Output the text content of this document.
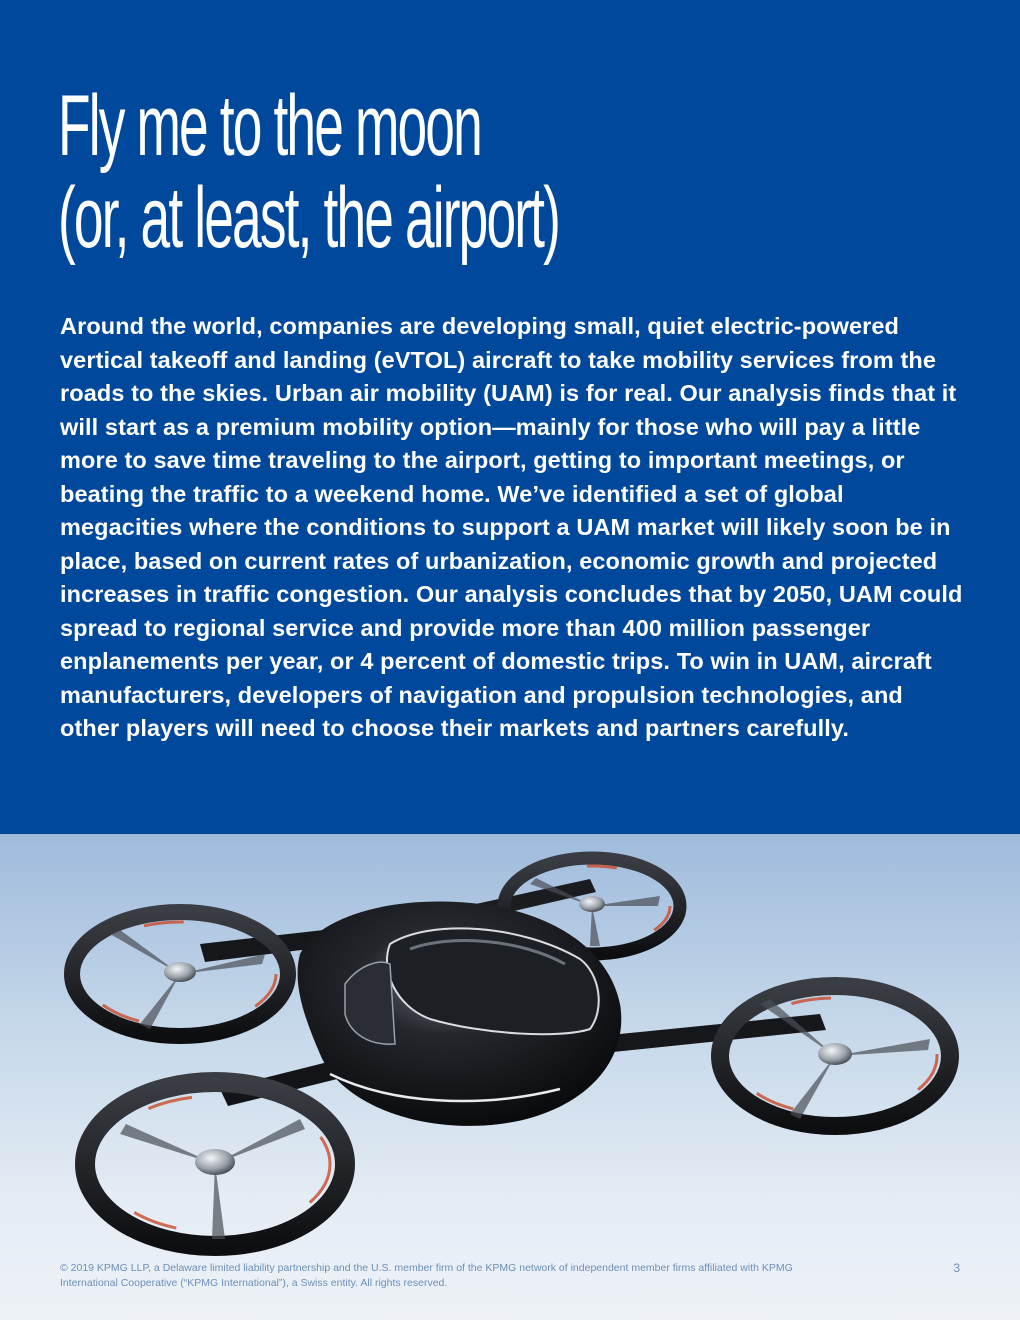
Fly me to the moon
(or, at least, the airport)

Around the world, companies are developing small, quiet electric-powered vertical takeoff and landing (eVTOL) aircraft to take mobility services from the roads to the skies. Urban air mobility (UAM) is for real. Our analysis finds that it will start as a premium mobility option—mainly for those who will pay a little more to save time traveling to the airport, getting to important meetings, or beating the traffic to a weekend home. We’ve identified a set of global megacities where the conditions to support a UAM market will likely soon be in place, based on current rates of urbanization, economic growth and projected increases in traffic congestion. Our analysis concludes that by 2050, UAM could spread to regional service and provide more than 400 million passenger enplanements per year, or 4 percent of domestic trips. To win in UAM, aircraft manufacturers, developers of navigation and propulsion technologies, and other players will need to choose their markets and partners carefully.

© 2019 KPMG LLP, a Delaware limited liability partnership and the U.S. member firm of the KPMG network of independent member firms affiliated with KPMG International Cooperative (“KPMG International”), a Swiss entity. All rights reserved.
3
